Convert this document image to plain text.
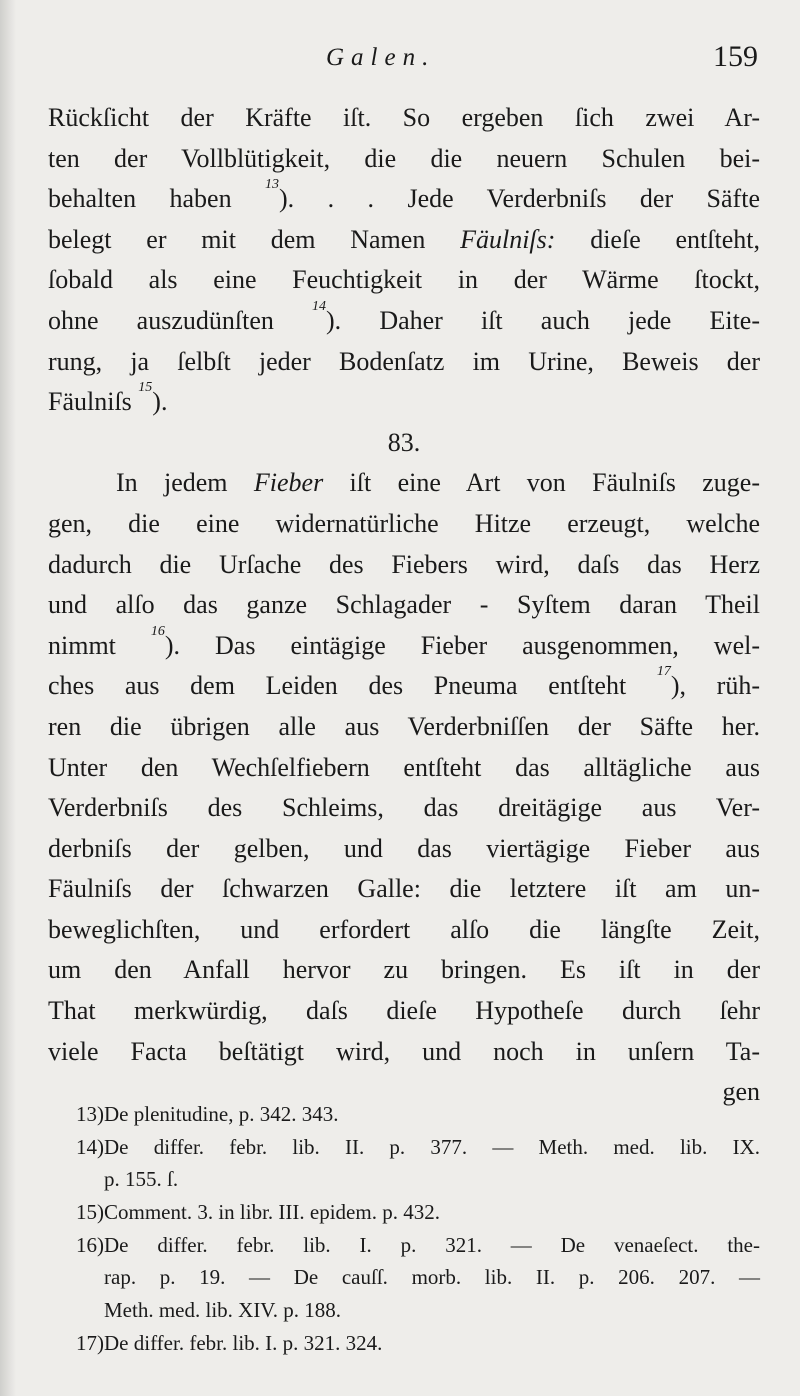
Galen.	159
Rückſicht der Kräfte iſt. So ergeben ſich zwei Ar-
ten der Vollblütigkeit, die die neuern Schulen bei-
behalten haben $^{13}$). . . Jede Verderbniſs der Säfte
belegt er mit dem Namen Fäulniſs: dieſe entſteht,
ſobald als eine Feuchtigkeit in der Wärme ſtockt,
ohne auszudünſten $^{14}$). Daher iſt auch jede Eite-
rung, ja ſelbſt jeder Bodenſatz im Urine, Beweis der
Fäulniſs $^{15}$).
83.
In jedem Fieber iſt eine Art von Fäulniſs zuge-
gen, die eine widernatürliche Hitze erzeugt, welche
dadurch die Urſache des Fiebers wird, daſs das Herz
und alſo das ganze Schlagader - Syſtem daran Theil
nimmt $^{16}$). Das eintägige Fieber ausgenommen, wel-
ches aus dem Leiden des Pneuma entſteht $^{17}$), rüh-
ren die übrigen alle aus Verderbniſſen der Säfte her.
Unter den Wechſelfiebern entſteht das alltägliche aus
Verderbniſs des Schleims, das dreitägige aus Ver-
derbniſs der gelben, und das viertägige Fieber aus
Fäulniſs der ſchwarzen Galle: die letztere iſt am un-
beweglichſten, und erfordert alſo die längſte Zeit,
um den Anfall hervor zu bringen. Es iſt in der
That merkwürdig, daſs dieſe Hypotheſe durch ſehr
viele Facta beſtätigt wird, und noch in unſern Ta-
gen
13)De plenitudine, p. 342. 343.
14)De differ. febr. lib. II. p. 377. — Meth. med. lib. IX.
p. 155. ſ.
15)Comment. 3. in libr. III. epidem. p. 432.
16)De differ. febr. lib. I. p. 321. — De venaeſect. the-
rap. p. 19. — De cauſſ. morb. lib. II. p. 206. 207. —
Meth. med. lib. XIV. p. 188.
17)De differ. febr. lib. I. p. 321. 324.
